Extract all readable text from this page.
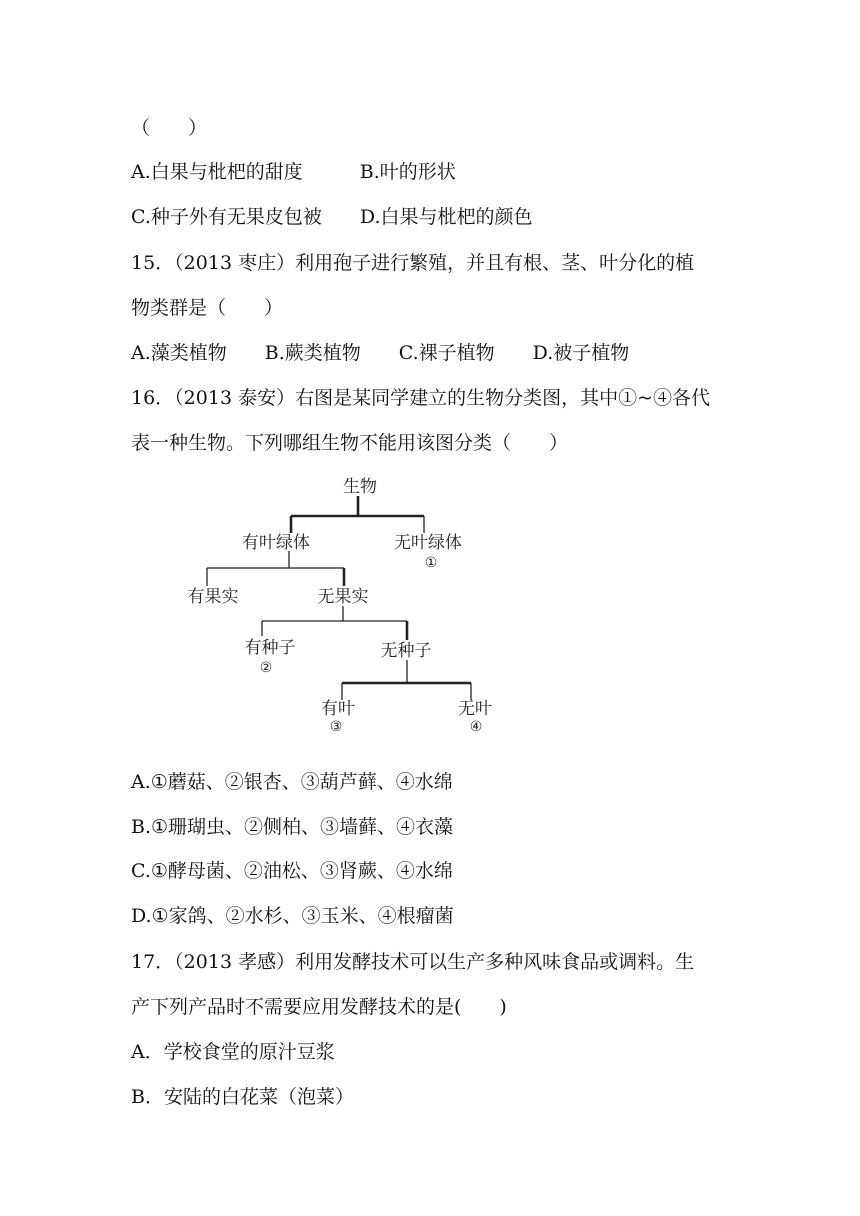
（　　）
A.白果与枇杷的甜度　　　B.叶的形状
C.种子外有无果皮包被　　D.白果与枇杷的颜色
15．（2013 枣庄）利用孢子进行繁殖，并且有根、茎、叶分化的植
物类群是（　　）
A.藻类植物　　B.蕨类植物　　C.裸子植物　　D.被子植物
16．（2013 泰安）右图是某同学建立的生物分类图，其中①~④各代
表一种生物。下列哪组生物不能用该图分类（　　）
生物
有叶绿体	无叶绿体
①
有果实	无果实
有种子
②
无种子
有叶
③
无叶
④
A.①蘑菇、②银杏、③葫芦藓、④水绵
B.①珊瑚虫、②侧柏、③墙藓、④衣藻
C.①酵母菌、②油松、③肾蕨、④水绵
D.①家鸽、②水杉、③玉米、④根瘤菌
17．（2013 孝感）利用发酵技术可以生产多种风味食品或调料。生
产下列产品时不需要应用发酵技术的是(　　)
A．学校食堂的原汁豆浆
B．安陆的白花菜（泡菜）
